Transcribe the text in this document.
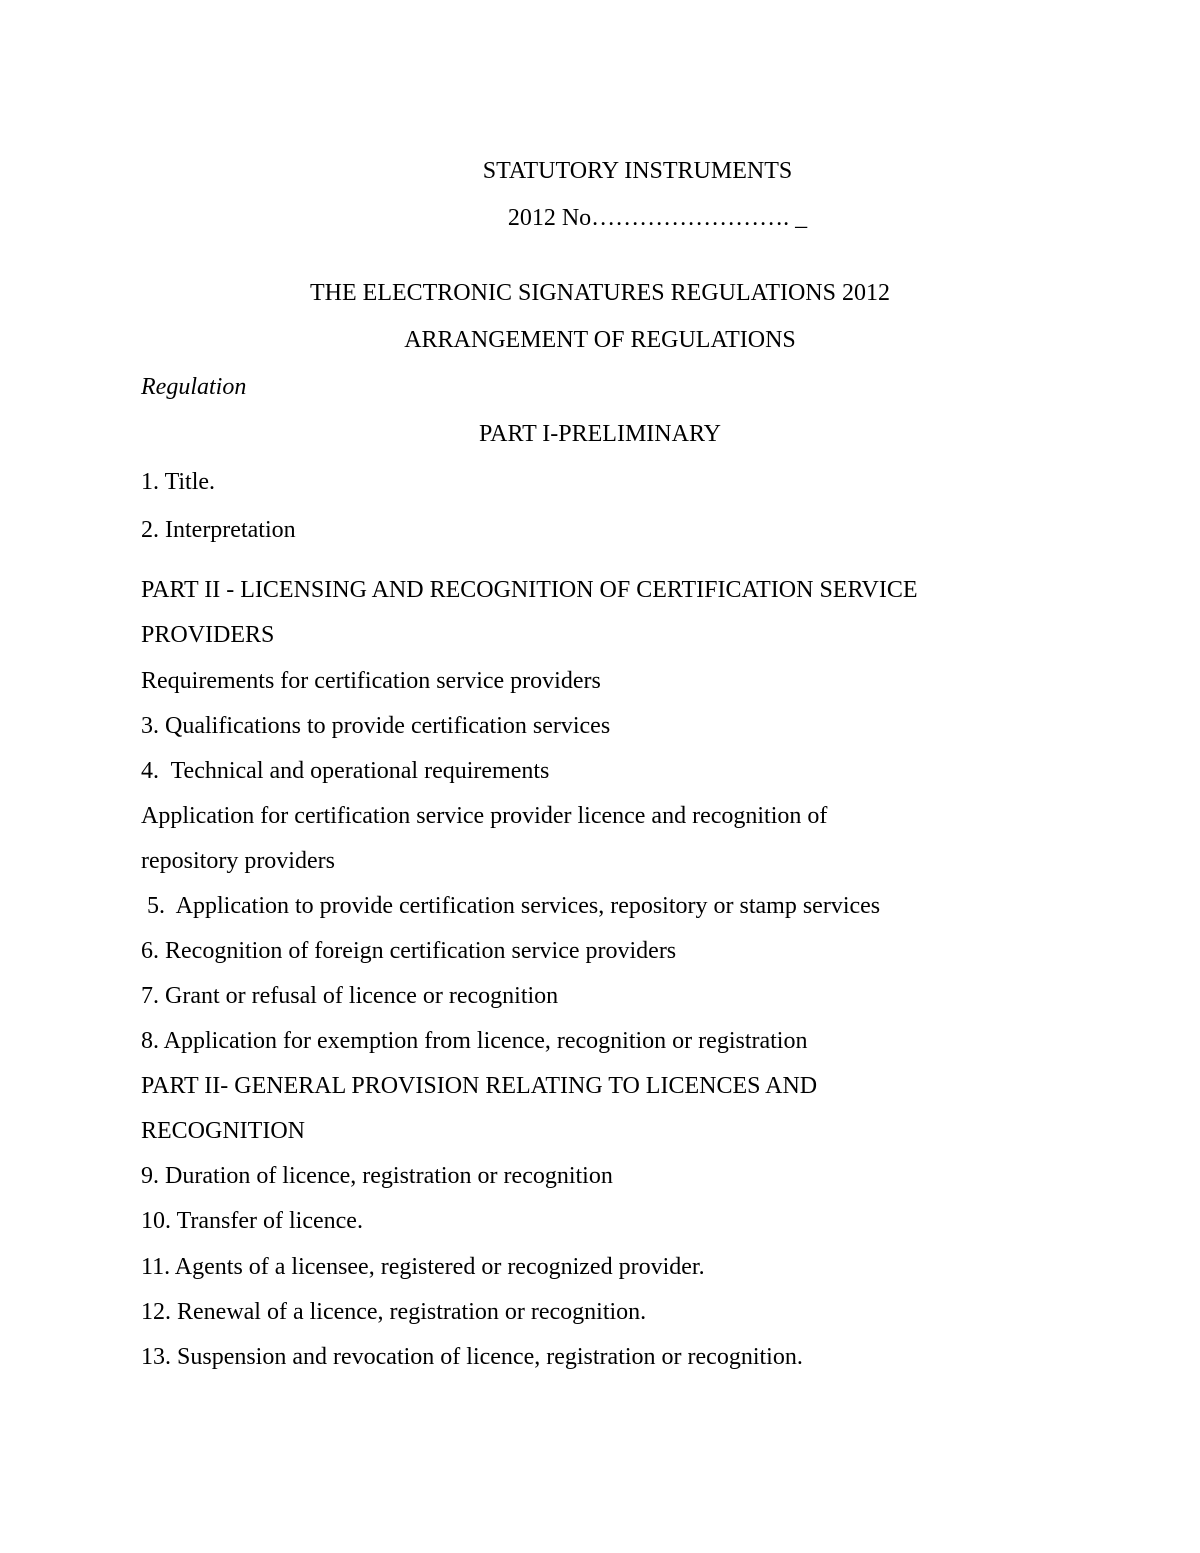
STATUTORY INSTRUMENTS
2012 No……………………. _
THE ELECTRONIC SIGNATURES REGULATIONS 2012
ARRANGEMENT OF REGULATIONS
Regulation
PART I-PRELIMINARY
1. Title.
2. Interpretation
PART II - LICENSING AND RECOGNITION OF CERTIFICATION SERVICE
PROVIDERS
Requirements for certification service providers
3. Qualifications to provide certification services
4.  Technical and operational requirements
Application for certification service provider licence and recognition of
repository providers
5.  Application to provide certification services, repository or stamp services
6. Recognition of foreign certification service providers
7. Grant or refusal of licence or recognition
8. Application for exemption from licence, recognition or registration
PART II- GENERAL PROVISION RELATING TO LICENCES AND
RECOGNITION
9. Duration of licence, registration or recognition
10. Transfer of licence.
11. Agents of a licensee, registered or recognized provider.
12. Renewal of a licence, registration or recognition.
13. Suspension and revocation of licence, registration or recognition.
